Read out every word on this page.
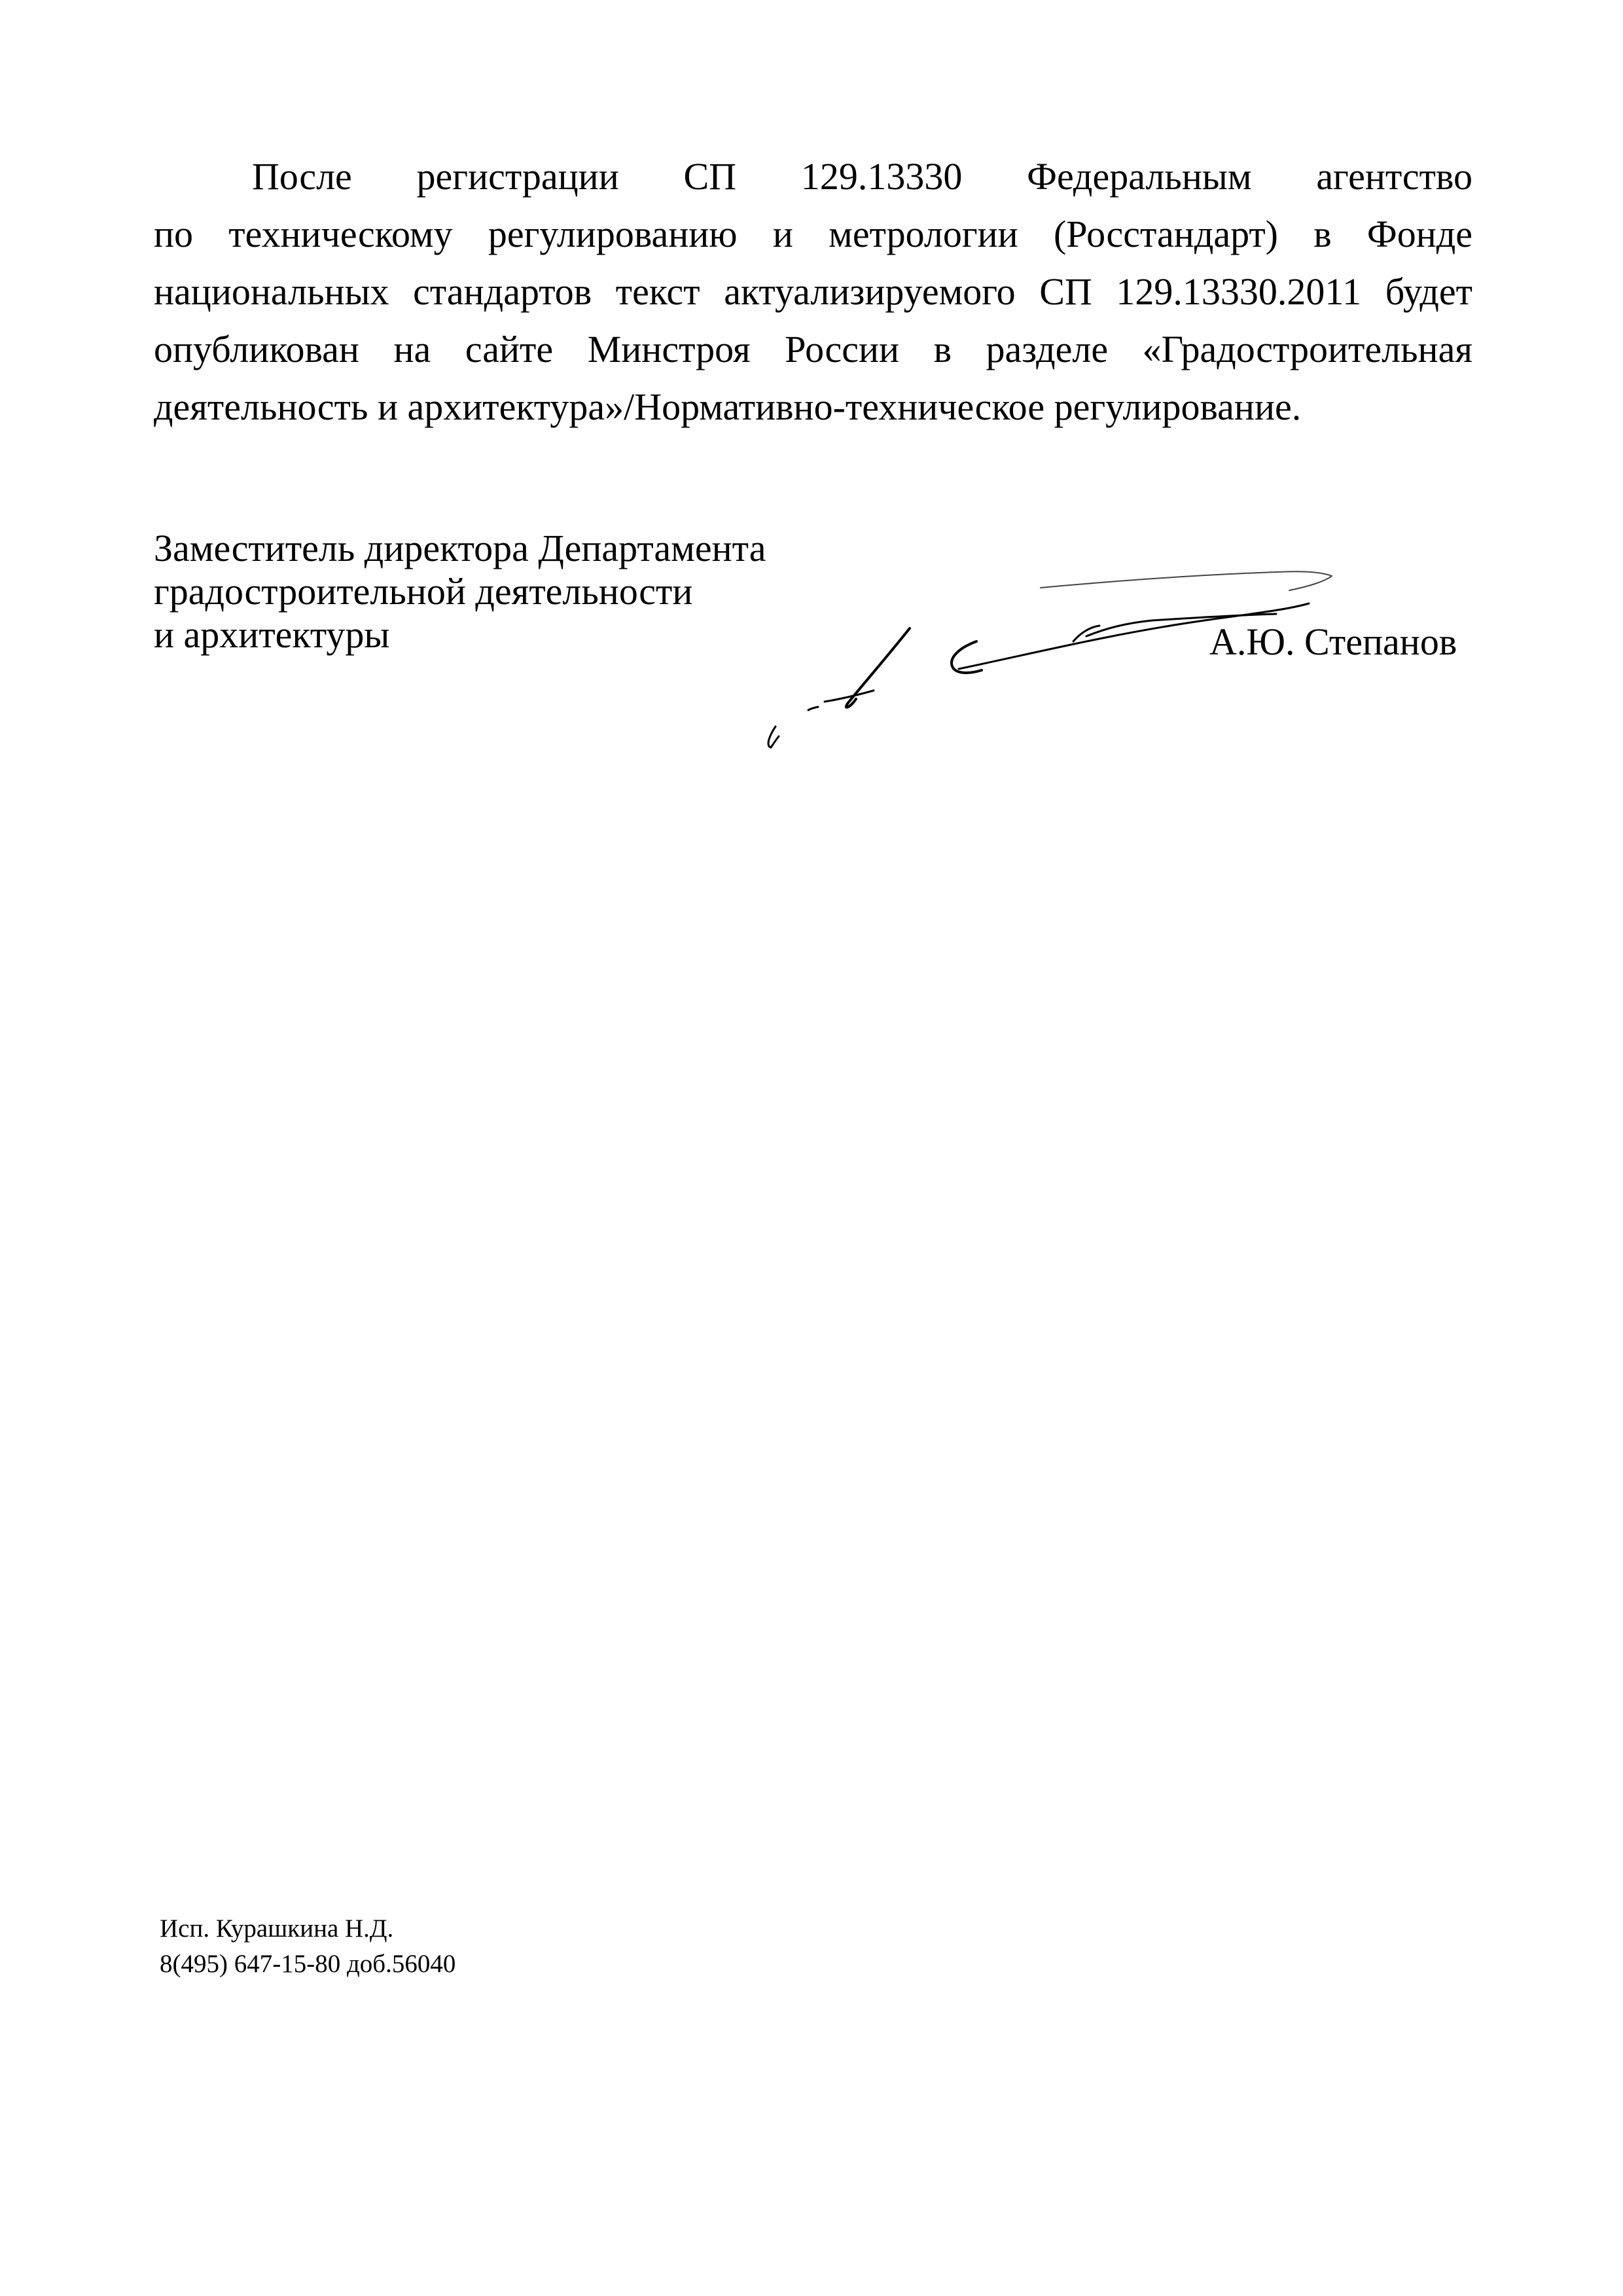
После регистрации СП 129.13330 Федеральным агентство
по техническому регулированию и метрологии (Росстандарт) в Фонде
национальных стандартов текст актуализируемого СП 129.13330.2011 будет
опубликован на сайте Минстроя России в разделе «Градостроительная
деятельность и архитектура»/Нормативно-техническое регулирование.
Заместитель директора Департамента
градостроительной деятельности
и архитектуры	А.Ю. Степанов
Исп. Курашкина Н.Д.
8(495) 647-15-80 доб.56040
